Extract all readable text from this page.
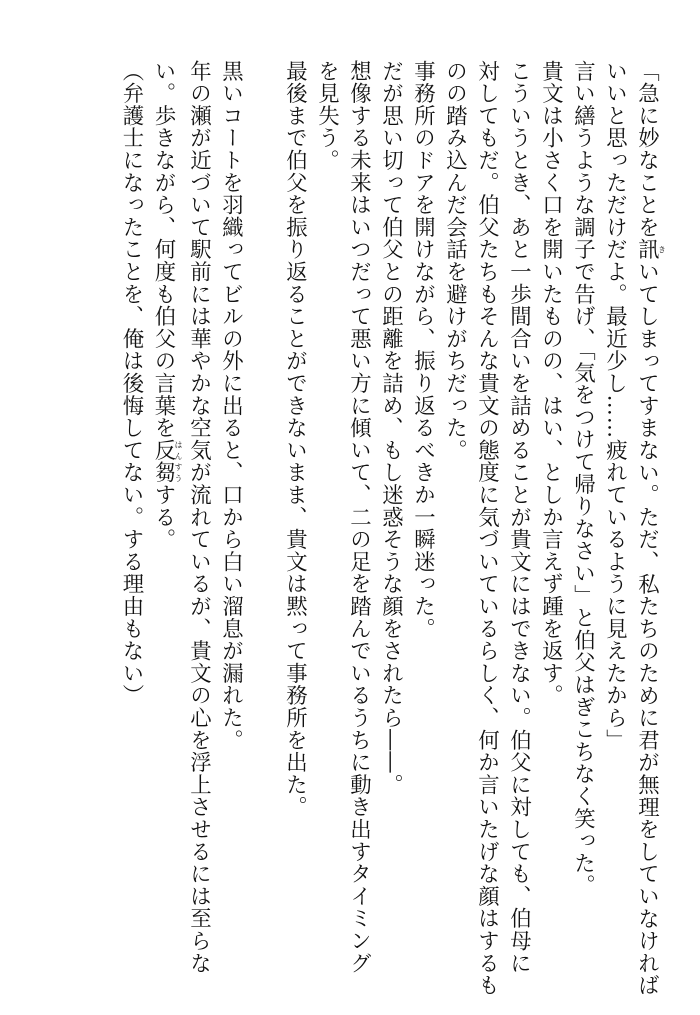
「急に妙なことを訊きいてしまってすまない。ただ、私たちのために君が無理をしていなければ
いいと思っただけだよ。最近少し……疲れているように見えたから」
言い繕うような調子で告げ、「気をつけて帰りなさい」と伯父はぎこちなく笑った。
貴文は小さく口を開いたものの、はい、としか言えず踵を返す。
こういうとき、あと一歩間合いを詰めることが貴文にはできない。伯父に対しても、伯母に
対してもだ。伯父たちもそんな貴文の態度に気づいているらしく、何か言いたげな顔はするも
のの踏み込んだ会話を避けがちだった。
事務所のドアを開けながら、振り返るべきか一瞬迷った。
だが思い切って伯父との距離を詰め、もし迷惑そうな顔をされたら――。
想像する未来はいつだって悪い方に傾いて、二の足を踏んでいるうちに動き出すタイミング
を見失う。
最後まで伯父を振り返ることができないまま、貴文は黙って事務所を出た。

黒いコートを羽織ってビルの外に出ると、口から白い溜息が漏れた。
年の瀬が近づいて駅前には華やかな空気が流れているが、貴文の心を浮上させるには至らな
い。歩きながら、何度も伯父の言葉を反芻はんすうする。
（弁護士になったことを、俺は後悔してない。する理由もない）
